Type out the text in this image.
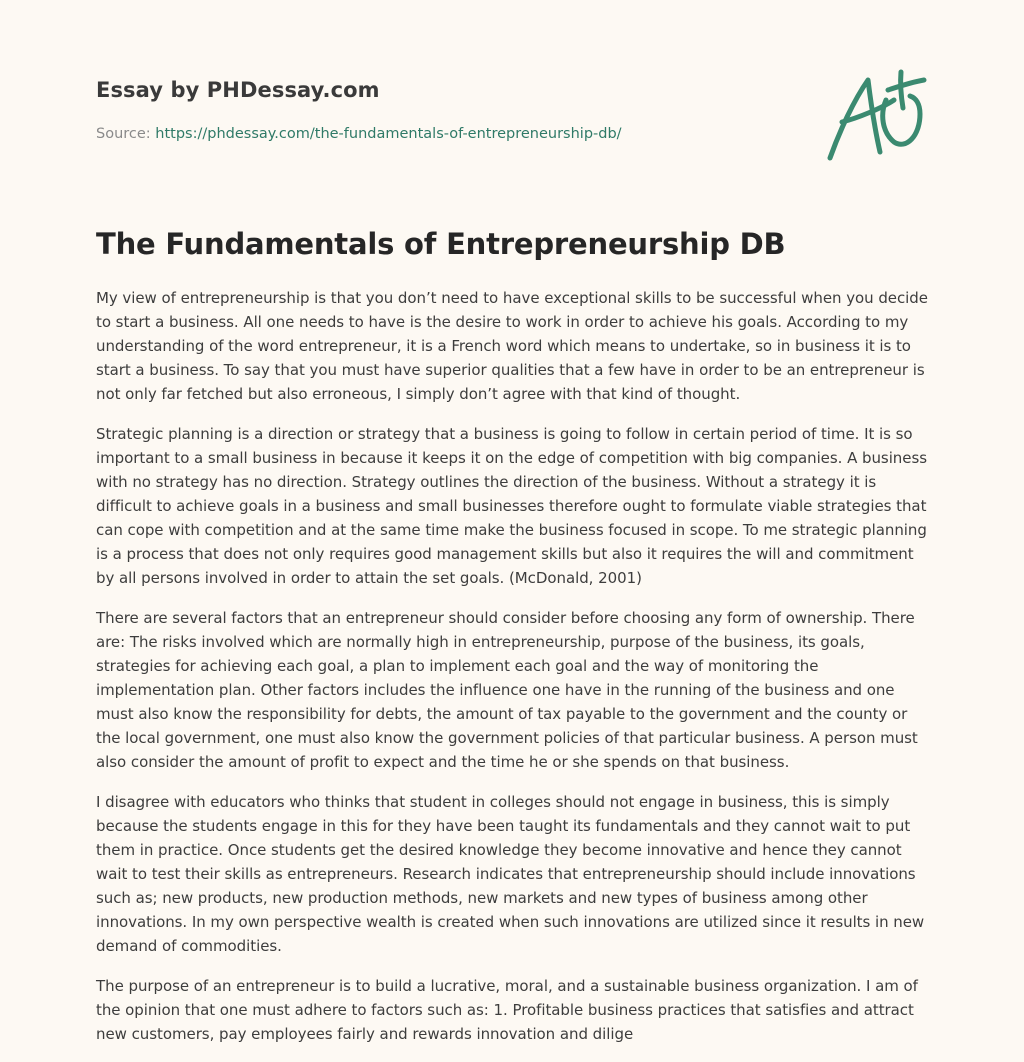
Essay by PHDessay.com
Source: https://phdessay.com/the-fundamentals-of-entrepreneurship-db/
The Fundamentals of Entrepreneurship DB

My view of entrepreneurship is that you don’t need to have exceptional skills to be successful when you decide to start a business. All one needs to have is the desire to work in order to achieve his goals. According to my understanding of the word entrepreneur, it is a French word which means to undertake, so in business it is to start a business. To say that you must have superior qualities that a few have in order to be an entrepreneur is not only far fetched but also erroneous, I simply don’t agree with that kind of thought.

Strategic planning is a direction or strategy that a business is going to follow in certain period of time. It is so important to a small business in because it keeps it on the edge of competition with big companies. A business with no strategy has no direction. Strategy outlines the direction of the business. Without a strategy it is difficult to achieve goals in a business and small businesses therefore ought to formulate viable strategies that can cope with competition and at the same time make the business focused in scope. To me strategic planning is a process that does not only requires good management skills but also it requires the will and commitment by all persons involved in order to attain the set goals. (McDonald, 2001)

There are several factors that an entrepreneur should consider before choosing any form of ownership. There are: The risks involved which are normally high in entrepreneurship, purpose of the business, its goals, strategies for achieving each goal, a plan to implement each goal and the way of monitoring the implementation plan. Other factors includes the influence one have in the running of the business and one must also know the responsibility for debts, the amount of tax payable to the government and the county or the local government, one must also know the government policies of that particular business. A person must also consider the amount of profit to expect and the time he or she spends on that business.

I disagree with educators who thinks that student in colleges should not engage in business, this is simply because the students engage in this for they have been taught its fundamentals and they cannot wait to put them in practice. Once students get the desired knowledge they become innovative and hence they cannot wait to test their skills as entrepreneurs. Research indicates that entrepreneurship should include innovations such as; new products, new production methods, new markets and new types of business among other innovations. In my own perspective wealth is created when such innovations are utilized since it results in new demand of commodities.

The purpose of an entrepreneur is to build a lucrative, moral, and a sustainable business organization. I am of the opinion that one must adhere to factors such as: 1. Profitable business practices that satisfies and attract new customers, pay employees fairly and rewards innovation and dilige
